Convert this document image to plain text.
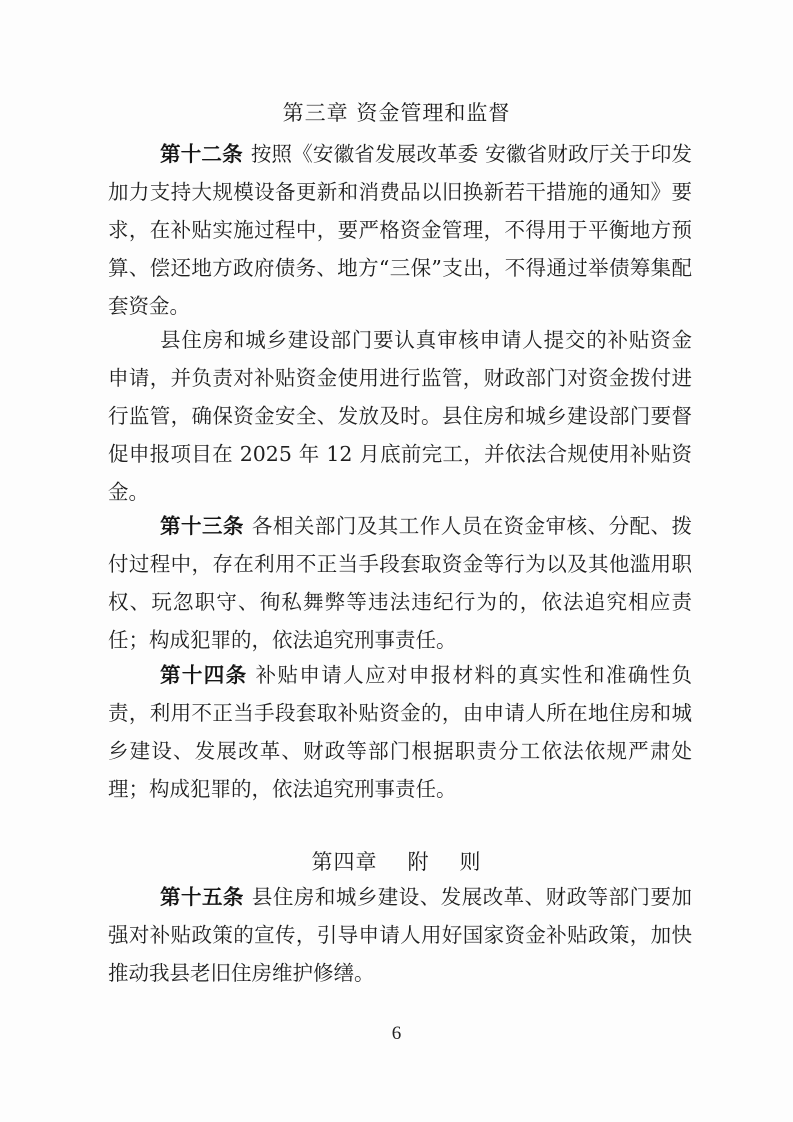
第三章 资金管理和监督
第十二条 按照《安徽省发展改革委 安徽省财政厅关于印发加力支持大规模设备更新和消费品以旧换新若干措施的通知》要求，在补贴实施过程中，要严格资金管理，不得用于平衡地方预算、偿还地方政府债务、地方“三保”支出，不得通过举债筹集配套资金。
县住房和城乡建设部门要认真审核申请人提交的补贴资金申请，并负责对补贴资金使用进行监管，财政部门对资金拨付进行监管，确保资金安全、发放及时。县住房和城乡建设部门要督促申报项目在 2025 年 12 月底前完工，并依法合规使用补贴资金。
第十三条 各相关部门及其工作人员在资金审核、分配、拨付过程中，存在利用不正当手段套取资金等行为以及其他滥用职权、玩忽职守、徇私舞弊等违法违纪行为的，依法追究相应责任；构成犯罪的，依法追究刑事责任。
第十四条 补贴申请人应对申报材料的真实性和准确性负责，利用不正当手段套取补贴资金的，由申请人所在地住房和城乡建设、发展改革、财政等部门根据职责分工依法依规严肃处理；构成犯罪的，依法追究刑事责任。
第四章 附 则
第十五条 县住房和城乡建设、发展改革、财政等部门要加强对补贴政策的宣传，引导申请人用好国家资金补贴政策，加快推动我县老旧住房维护修缮。
6
